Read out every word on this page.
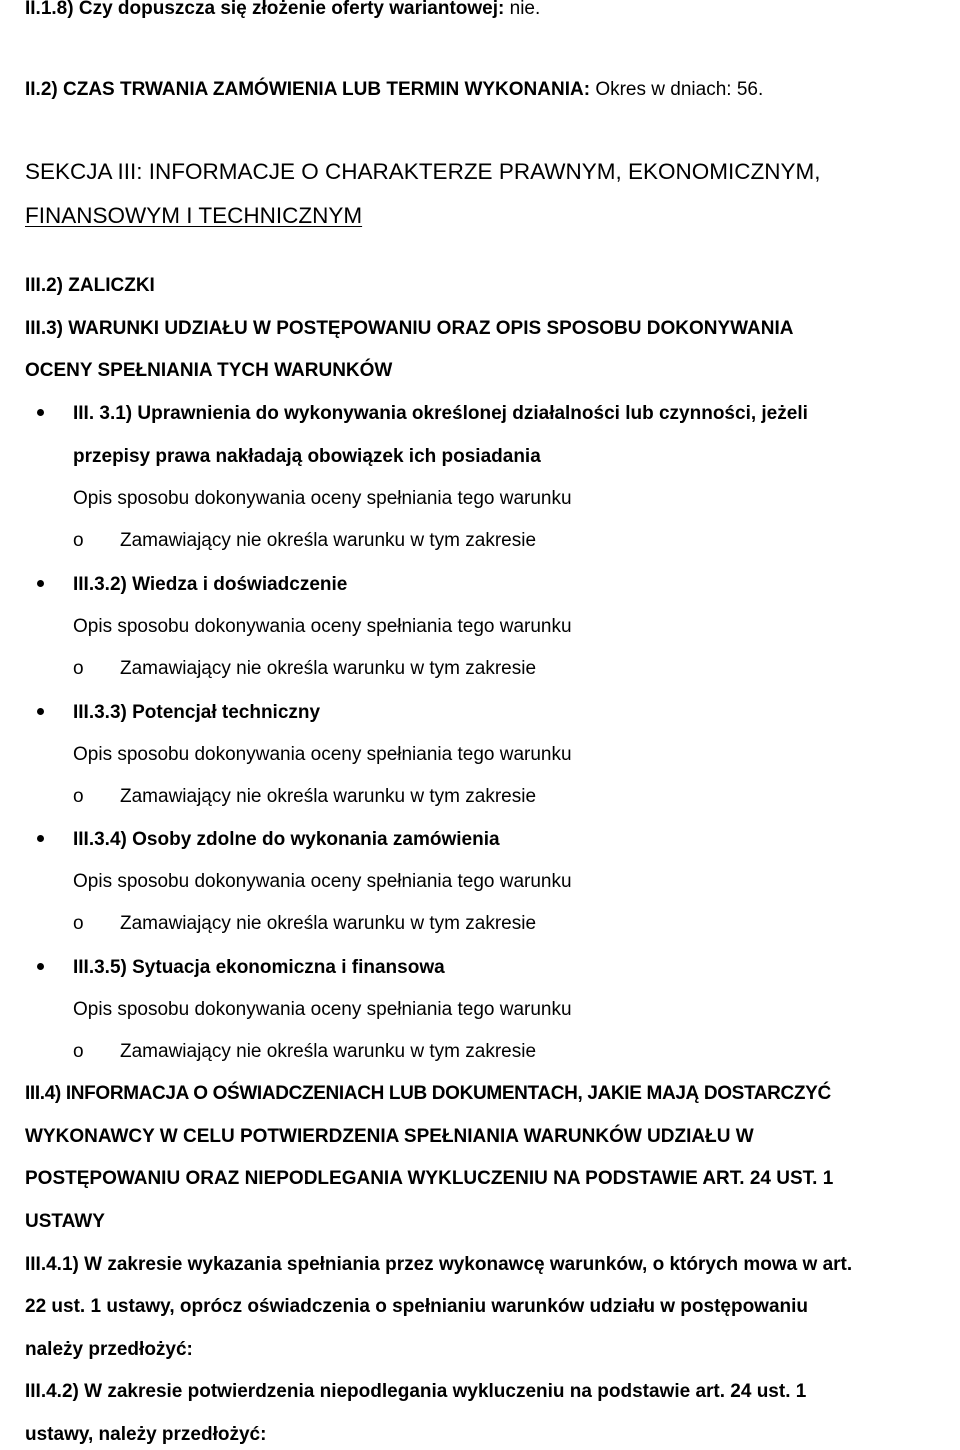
II.1.8) Czy dopuszcza się złożenie oferty wariantowej: nie.

II.2) CZAS TRWANIA ZAMÓWIENIA LUB TERMIN WYKONANIA: Okres w dniach: 56.

SEKCJA III: INFORMACJE O CHARAKTERZE PRAWNYM, EKONOMICZNYM,

FINANSOWYM I TECHNICZNYM

III.2) ZALICZKI

III.3) WARUNKI UDZIAŁU W POSTĘPOWANIU ORAZ OPIS SPOSOBU DOKONYWANIA

OCENY SPEŁNIANIA TYCH WARUNKÓW

III. 3.1) Uprawnienia do wykonywania określonej działalności lub czynności, jeżeli

przepisy prawa nakładają obowiązek ich posiadania

Opis sposobu dokonywania oceny spełniania tego warunku

o Zamawiający nie określa warunku w tym zakresie

III.3.2) Wiedza i doświadczenie

Opis sposobu dokonywania oceny spełniania tego warunku

o Zamawiający nie określa warunku w tym zakresie

III.3.3) Potencjał techniczny

Opis sposobu dokonywania oceny spełniania tego warunku

o Zamawiający nie określa warunku w tym zakresie

III.3.4) Osoby zdolne do wykonania zamówienia

Opis sposobu dokonywania oceny spełniania tego warunku

o Zamawiający nie określa warunku w tym zakresie

III.3.5) Sytuacja ekonomiczna i finansowa

Opis sposobu dokonywania oceny spełniania tego warunku

o Zamawiający nie określa warunku w tym zakresie

III.4) INFORMACJA O OŚWIADCZENIACH LUB DOKUMENTACH, JAKIE MAJĄ DOSTARCZYĆ

WYKONAWCY W CELU POTWIERDZENIA SPEŁNIANIA WARUNKÓW UDZIAŁU W

POSTĘPOWANIU ORAZ NIEPODLEGANIA WYKLUCZENIU NA PODSTAWIE ART. 24 UST. 1

USTAWY

III.4.1) W zakresie wykazania spełniania przez wykonawcę warunków, o których mowa w art.

22 ust. 1 ustawy, oprócz oświadczenia o spełnianiu warunków udziału w postępowaniu

należy przedłożyć:

III.4.2) W zakresie potwierdzenia niepodlegania wykluczeniu na podstawie art. 24 ust. 1

ustawy, należy przedłożyć:
